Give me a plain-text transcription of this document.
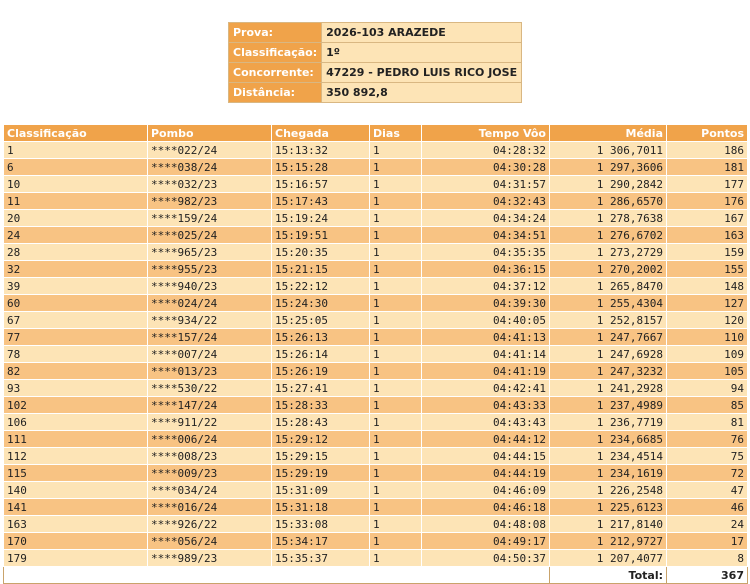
Prova:	2026-103 ARAZEDE
Classificação:	1º
Concorrente:	47229 - PEDRO LUIS RICO JOSE
Distância:	350 892,8
Classificação	Pombo	Chegada	Dias	Tempo Vôo	Média	Pontos
1	****022/24	15:13:32	1	04:28:32	1 306,7011	186
6	****038/24	15:15:28	1	04:30:28	1 297,3606	181
10	****032/23	15:16:57	1	04:31:57	1 290,2842	177
11	****982/23	15:17:43	1	04:32:43	1 286,6570	176
20	****159/24	15:19:24	1	04:34:24	1 278,7638	167
24	****025/24	15:19:51	1	04:34:51	1 276,6702	163
28	****965/23	15:20:35	1	04:35:35	1 273,2729	159
32	****955/23	15:21:15	1	04:36:15	1 270,2002	155
39	****940/23	15:22:12	1	04:37:12	1 265,8470	148
60	****024/24	15:24:30	1	04:39:30	1 255,4304	127
67	****934/22	15:25:05	1	04:40:05	1 252,8157	120
77	****157/24	15:26:13	1	04:41:13	1 247,7667	110
78	****007/24	15:26:14	1	04:41:14	1 247,6928	109
82	****013/23	15:26:19	1	04:41:19	1 247,3232	105
93	****530/22	15:27:41	1	04:42:41	1 241,2928	94
102	****147/24	15:28:33	1	04:43:33	1 237,4989	85
106	****911/22	15:28:43	1	04:43:43	1 236,7719	81
111	****006/24	15:29:12	1	04:44:12	1 234,6685	76
112	****008/23	15:29:15	1	04:44:15	1 234,4514	75
115	****009/23	15:29:19	1	04:44:19	1 234,1619	72
140	****034/24	15:31:09	1	04:46:09	1 226,2548	47
141	****016/24	15:31:18	1	04:46:18	1 225,6123	46
163	****926/22	15:33:08	1	04:48:08	1 217,8140	24
170	****056/24	15:34:17	1	04:49:17	1 212,9727	17
179	****989/23	15:35:37	1	04:50:37	1 207,4077	8
					Total:	367
